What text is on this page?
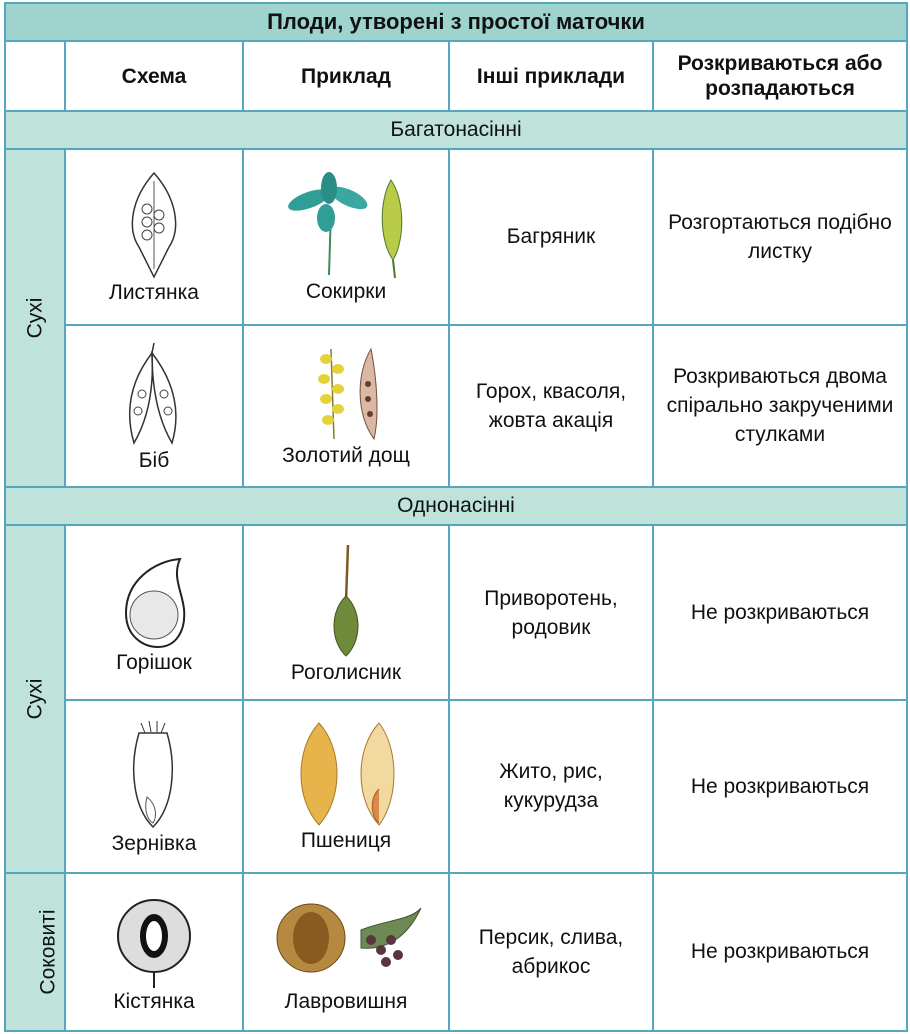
Плоди, утворені з простої маточки				
	Схема	Приклад	Інші приклади	Розкриваються або розпадаються
Багатонасінні				
Сухі	Листянка	Сокирки	Багряник	Розгортаються подібно листку

	Біб	Золотий дощ	Горох, квасоля, жовта акація	Розкриваються двома спірально закрученими стулками
Однонасінні				
Сухі	Горішок	Роголисник	Приворотень, родовик	Не розкриваються

	Зернівка	Пшениця	Жито, рис, кукурудза	Не розкриваються
Соковиті	Кістянка	Лавровишня	Персик, слива, абрикос	Не розкриваються
